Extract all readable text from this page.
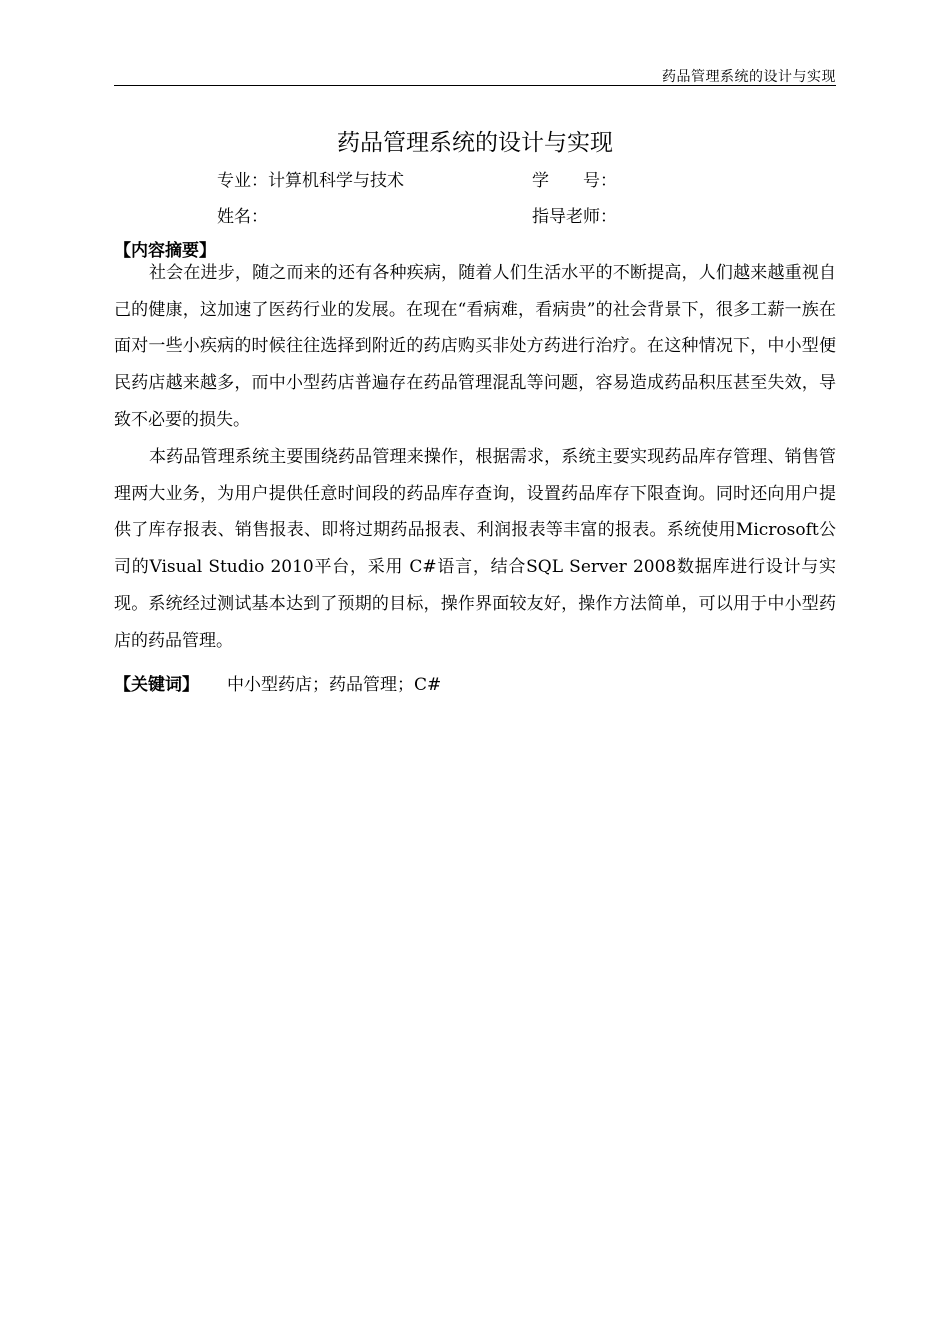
药品管理系统的设计与实现
药品管理系统的设计与实现
专业：计算机科学与技术	学　　号：
姓名：	指导老师：
【内容摘要】

社会在进步，随之而来的还有各种疾病，随着人们生活水平的不断提高，人们越来越重视自己的健康，这加速了医药行业的发展。在现在“看病难，看病贵”的社会背景下，很多工薪一族在面对一些小疾病的时候往往选择到附近的药店购买非处方药进行治疗。在这种情况下，中小型便民药店越来越多，而中小型药店普遍存在药品管理混乱等问题，容易造成药品积压甚至失效，导致不必要的损失。

本药品管理系统主要围绕药品管理来操作，根据需求，系统主要实现药品库存管理、销售管理两大业务，为用户提供任意时间段的药品库存查询，设置药品库存下限查询。同时还向用户提供了库存报表、销售报表、即将过期药品报表、利润报表等丰富的报表。系统使用Microsoft公司的Visual Studio 2010平台，采用 C#语言，结合SQL Server 2008数据库进行设计与实现。系统经过测试基本达到了预期的目标，操作界面较友好，操作方法简单，可以用于中小型药店的药品管理。

【关键词】 中小型药店；药品管理；C#
